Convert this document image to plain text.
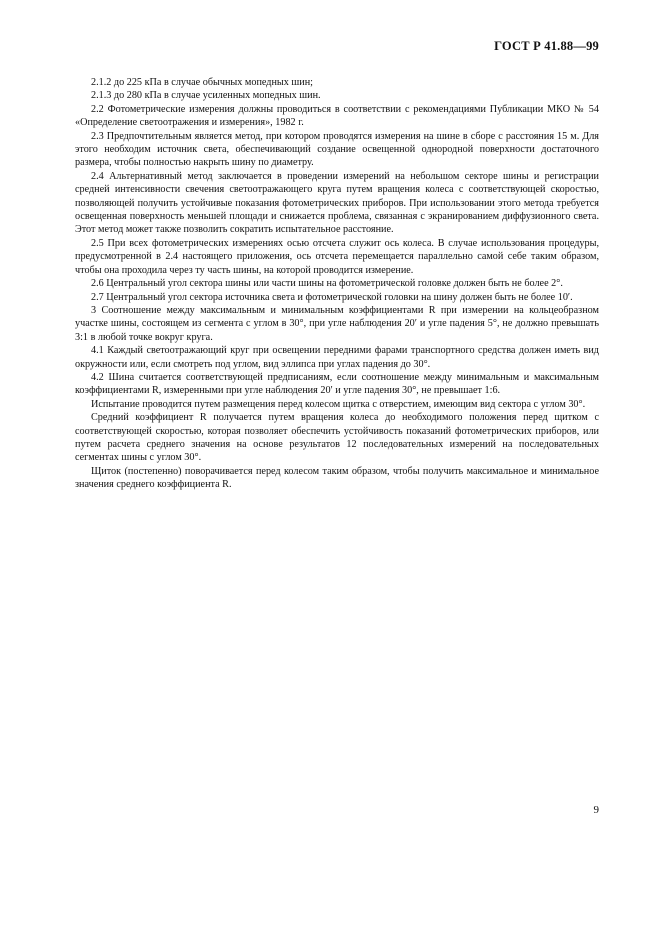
ГОСТ Р 41.88—99

2.1.2 до 225 кПа в случае обычных мопедных шин;

2.1.3 до 280 кПа в случае усиленных мопедных шин.

2.2 Фотометрические измерения должны проводиться в соответствии с рекомендациями Публикации МКО № 54 «Определение светоотражения и измерения», 1982 г.

2.3 Предпочтительным является метод, при котором проводятся измерения на шине в сборе с расстояния 15 м. Для этого необходим источник света, обеспечивающий создание освещенной однородной поверхности достаточного размера, чтобы полностью накрыть шину по диаметру.

2.4 Альтернативный метод заключается в проведении измерений на небольшом секторе шины и регистрации средней интенсивности свечения светоотражающего круга путем вращения колеса с соответствующей скоростью, позволяющей получить устойчивые показания фотометрических приборов. При использовании этого метода требуется освещенная поверхность меньшей площади и снижается проблема, связанная с экранированием диффузионного света. Этот метод может также позволить сократить испытательное расстояние.

2.5 При всех фотометрических измерениях осью отсчета служит ось колеса. В случае использования процедуры, предусмотренной в 2.4 настоящего приложения, ось отсчета перемещается параллельно самой себе таким образом, чтобы она проходила через ту часть шины, на которой проводится измерение.

2.6 Центральный угол сектора шины или части шины на фотометрической головке должен быть не более 2°.

2.7 Центральный угол сектора источника света и фотометрической головки на шину должен быть не более 10′.

3 Соотношение между максимальным и минимальным коэффициентами R при измерении на кольцеобразном участке шины, состоящем из сегмента с углом в 30°, при угле наблюдения 20′ и угле падения 5°, не должно превышать 3:1 в любой точке вокруг круга.

4.1 Каждый светоотражающий круг при освещении передними фарами транспортного средства должен иметь вид окружности или, если смотреть под углом, вид эллипса при углах падения до 30°.

4.2 Шина считается соответствующей предписаниям, если соотношение между минимальным и максимальным коэффициентами R, измеренными при угле наблюдения 20′ и угле падения 30°, не превышает 1:6.

Испытание проводится путем размещения перед колесом щитка с отверстием, имеющим вид сектора с углом 30°.

Средний коэффициент R получается путем вращения колеса до необходимого положения перед щитком с соответствующей скоростью, которая позволяет обеспечить устойчивость показаний фотометрических приборов, или путем расчета среднего значения на основе результатов 12 последовательных измерений на последовательных сегментах шины с углом 30°.

Щиток (постепенно) поворачивается перед колесом таким образом, чтобы получить максимальное и минимальное значения среднего коэффициента R.

9
